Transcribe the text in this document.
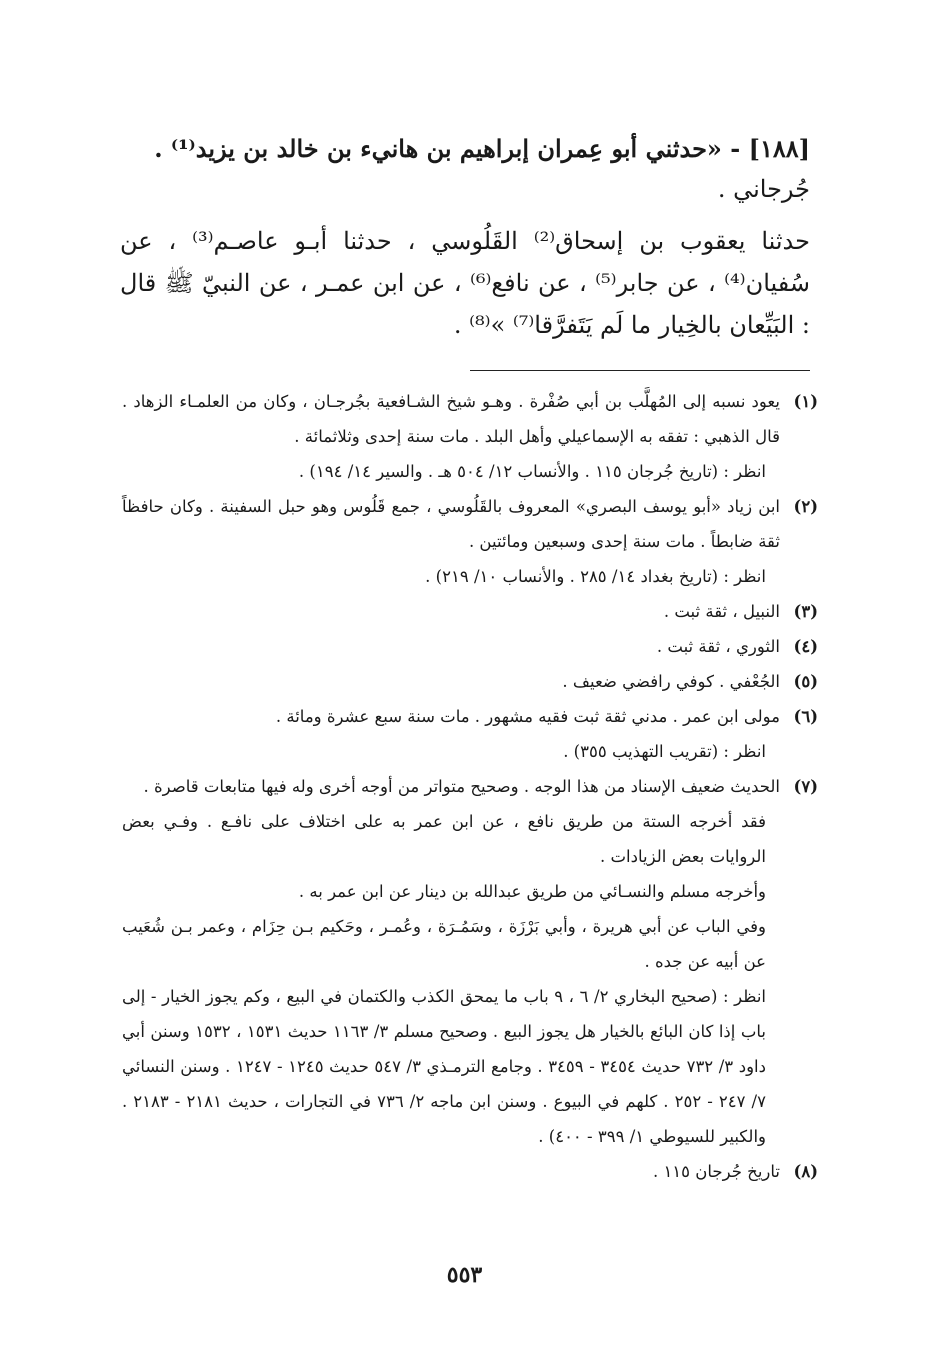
[١٨٨] - «حدثني أبو عِمران إبراهيم بن هانيء بن خالد بن يزيد⁽¹⁾ .

جُرجاني .

حدثنا يعقوب بن إسحاق⁽²⁾ القَلُوسي ، حدثنا أبـو عاصـم⁽³⁾ ، عن سُفيان⁽⁴⁾ ، عن جابر⁽⁵⁾ ، عن نافع⁽⁶⁾ ، عن ابن عمـر ، عن النبيّ ﷺ قال : البَيِّعان بالخِيار ما لَم يَتَفرَّقا⁽⁷⁾ »⁽⁸⁾ .

(١)
يعود نسبه إلى المُهلَّب بن أبي صُفْرة . وهـو شيخ الشـافعية بجُرجـان ، وكان من العلمـاء الزهاد . قال الذهبي : تفقه به الإسماعيلي وأهل البلد . مات سنة إحدى وثلاثمائة .
انظر : (تاريخ جُرجان ١١٥ . والأنساب ١٢/ ٥٠٤ هـ . والسير ١٤/ ١٩٤) .
(٢)
ابن زياد «أبو يوسف البصري» المعروف بالقَلُوسي ، جمع قَلُوس وهو حبل السفينة . وكان حافظاً ثقة ضابطاً . مات سنة إحدى وسبعين ومائتين .
انظر : (تاريخ بغداد ١٤/ ٢٨٥ . والأنساب ١٠/ ٢١٩) .
(٣)
النبيل ، ثقة ثبت .
(٤)
الثوري ، ثقة ثبت .
(٥)
الجُعْفي . كوفي رافضي ضعيف .
(٦)
مولى ابن عمر . مدني ثقة ثبت فقيه مشهور . مات سنة سبع عشرة ومائة .
انظر : (تقريب التهذيب ٣٥٥) .
(٧)
الحديث ضعيف الإسناد من هذا الوجه . وصحيح متواتر من أوجه أخرى وله فيها متابعات قاصرة .
فقد أخرجه الستة من طريق نافع ، عن ابن عمر به على اختلاف على نافـع . وفـي بعض الروايات بعض الزيادات .
وأخرجه مسلم والنسـائي من طريق عبدالله بن دينار عن ابن عمر به .
وفي الباب عن أبي هريرة ، وأبي بَرْزَة ، وسَمُـرَة ، وعُمـر ، وحَكيم بـن حِزَام ، وعمر بـن شُعَيب عن أبيه عن جده .
انظر : (صحيح البخاري ٢/ ٦ ، ٩ باب ما يمحق الكذب والكتمان في البيع ، وكم يجوز الخيار - إلى باب إذا كان البائع بالخيار هل يجوز البيع . وصحيح مسلم ٣/ ١١٦٣ حديث ١٥٣١ ، ١٥٣٢ وسنن أبي داود ٣/ ٧٣٢ حديث ٣٤٥٤ - ٣٤٥٩ . وجامع الترمـذي ٣/ ٥٤٧ حديث ١٢٤٥ - ١٢٤٧ . وسنن النسائي ٧/ ٢٤٧ - ٢٥٢ . كلهم في البيوع . وسنن ابن ماجه ٢/ ٧٣٦ في التجارات ، حديث ٢١٨١ - ٢١٨٣ . والكبير للسيوطي ١/ ٣٩٩ - ٤٠٠) .
(٨)
تاريخ جُرجان ١١٥ .
٥٥٣
